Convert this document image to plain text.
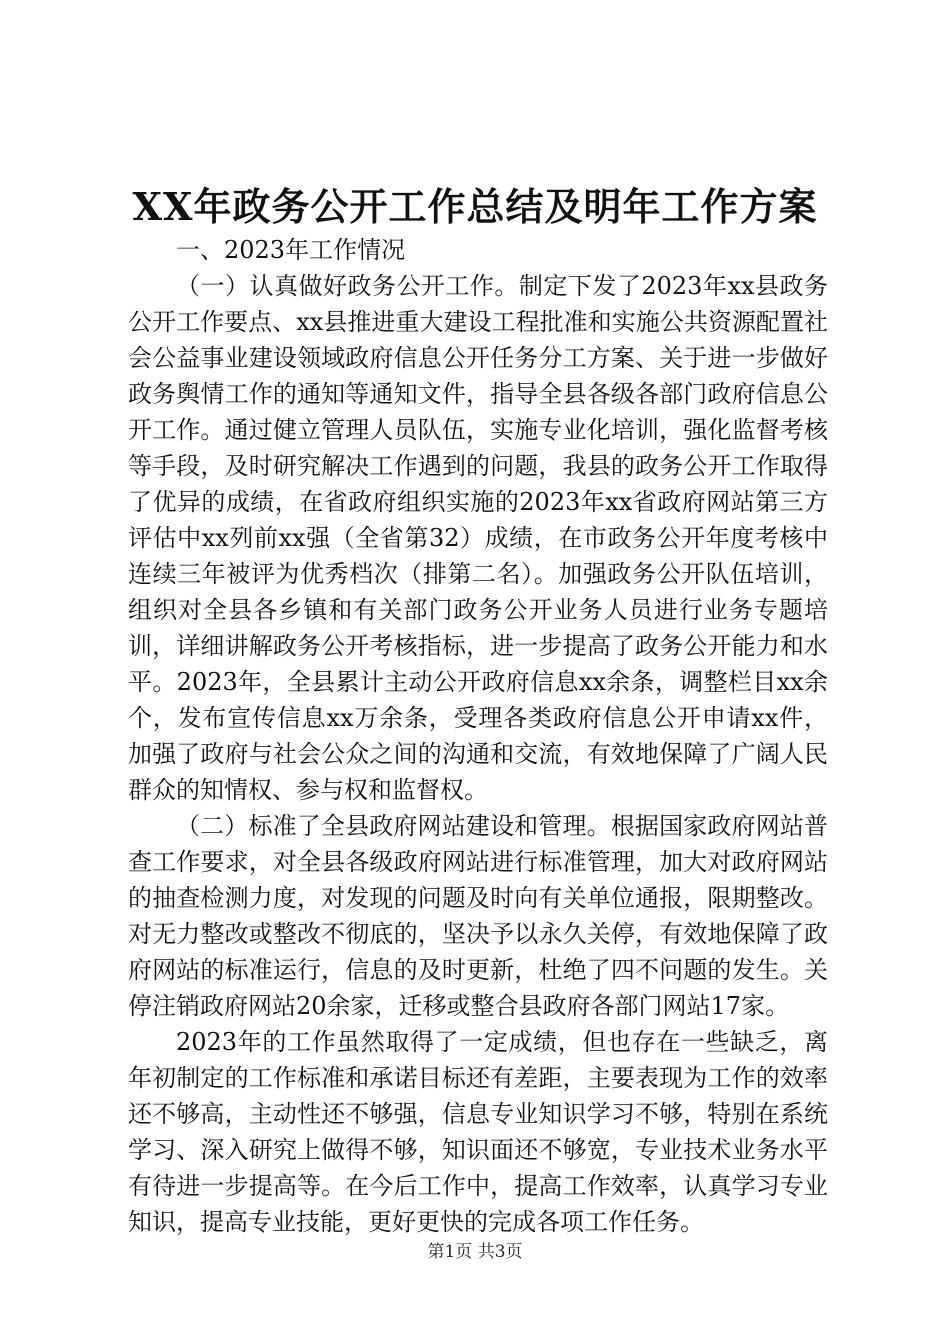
XX年政务公开工作总结及明年工作方案

一、2023年工作情况

（一）认真做好政务公开工作。制定下发了2023年xx县政务公开工作要点、xx县推进重大建设工程批准和实施公共资源配置社会公益事业建设领域政府信息公开任务分工方案、关于进一步做好政务舆情工作的通知等通知文件，指导全县各级各部门政府信息公开工作。通过健立管理人员队伍，实施专业化培训，强化监督考核等手段，及时研究解决工作遇到的问题，我县的政务公开工作取得了优异的成绩，在省政府组织实施的2023年xx省政府网站第三方评估中xx列前xx强（全省第32）成绩，在市政务公开年度考核中连续三年被评为优秀档次（排第二名）。加强政务公开队伍培训，组织对全县各乡镇和有关部门政务公开业务人员进行业务专题培训，详细讲解政务公开考核指标，进一步提高了政务公开能力和水平。2023年，全县累计主动公开政府信息xx余条，调整栏目xx余个，发布宣传信息xx万余条，受理各类政府信息公开申请xx件，加强了政府与社会公众之间的沟通和交流，有效地保障了广阔人民群众的知情权、参与权和监督权。

（二）标准了全县政府网站建设和管理。根据国家政府网站普查工作要求，对全县各级政府网站进行标准管理，加大对政府网站的抽查检测力度，对发现的问题及时向有关单位通报，限期整改。对无力整改或整改不彻底的，坚决予以永久关停，有效地保障了政府网站的标准运行，信息的及时更新，杜绝了四不问题的发生。关停注销政府网站20余家，迁移或整合县政府各部门网站17家。

2023年的工作虽然取得了一定成绩，但也存在一些缺乏，离年初制定的工作标准和承诺目标还有差距，主要表现为工作的效率还不够高，主动性还不够强，信息专业知识学习不够，特别在系统学习、深入研究上做得不够，知识面还不够宽，专业技术业务水平有待进一步提高等。在今后工作中，提高工作效率，认真学习专业知识，提高专业技能，更好更快的完成各项工作任务。

第1页 共3页
